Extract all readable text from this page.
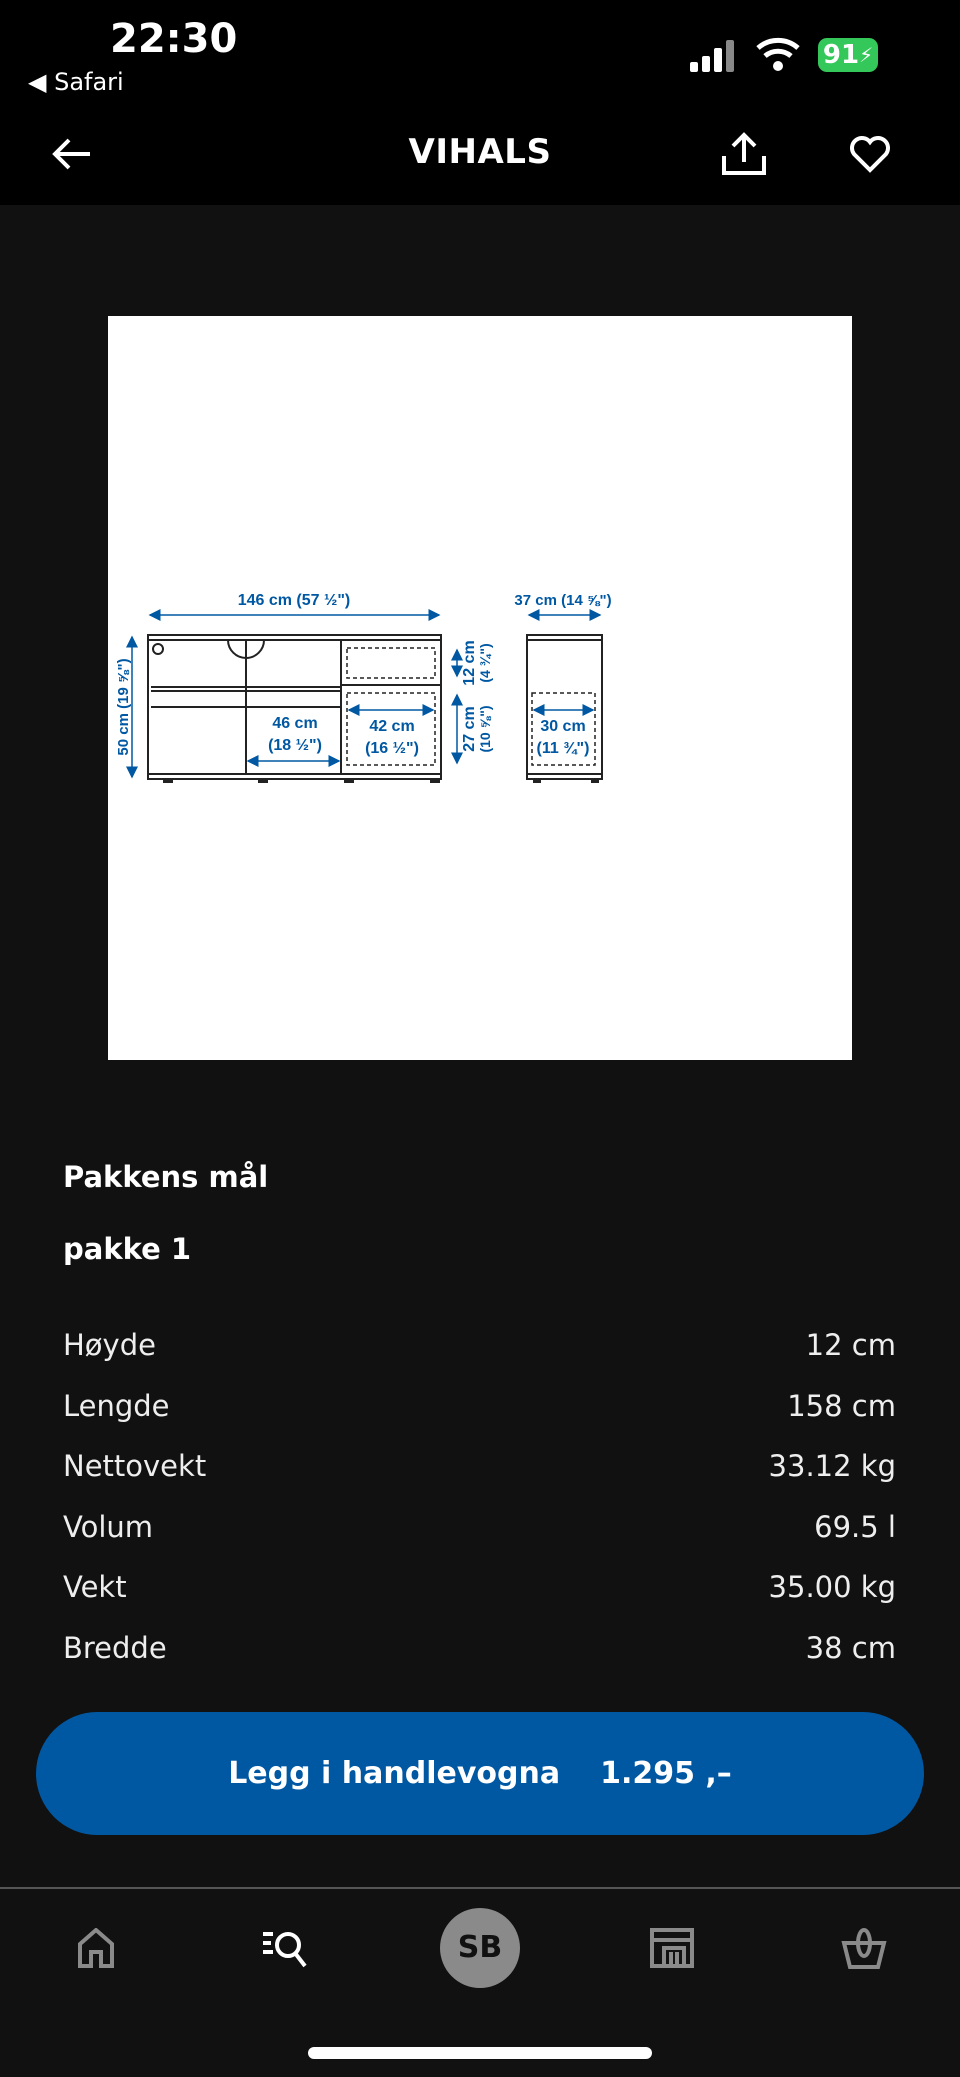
22:30
◀ Safari
91 ⚡
VIHALS
146 cm (57 ½")	37 cm (14 ⅝")
50 cm (19 ⅝")	46 cm
(18 ½")
42 cm
(16 ½")
12 cm (4 ¾")
27 cm (10 ⅝")	30 cm
(11 ¾")
Pakkens mål
pakke 1
Høyde	12 cm
Lengde	158 cm
Nettovekt	33.12 kg
Volum	69.5 l
Vekt	35.00 kg
Bredde	38 cm
Legg i handlevogna 1.295 ,–
SB
